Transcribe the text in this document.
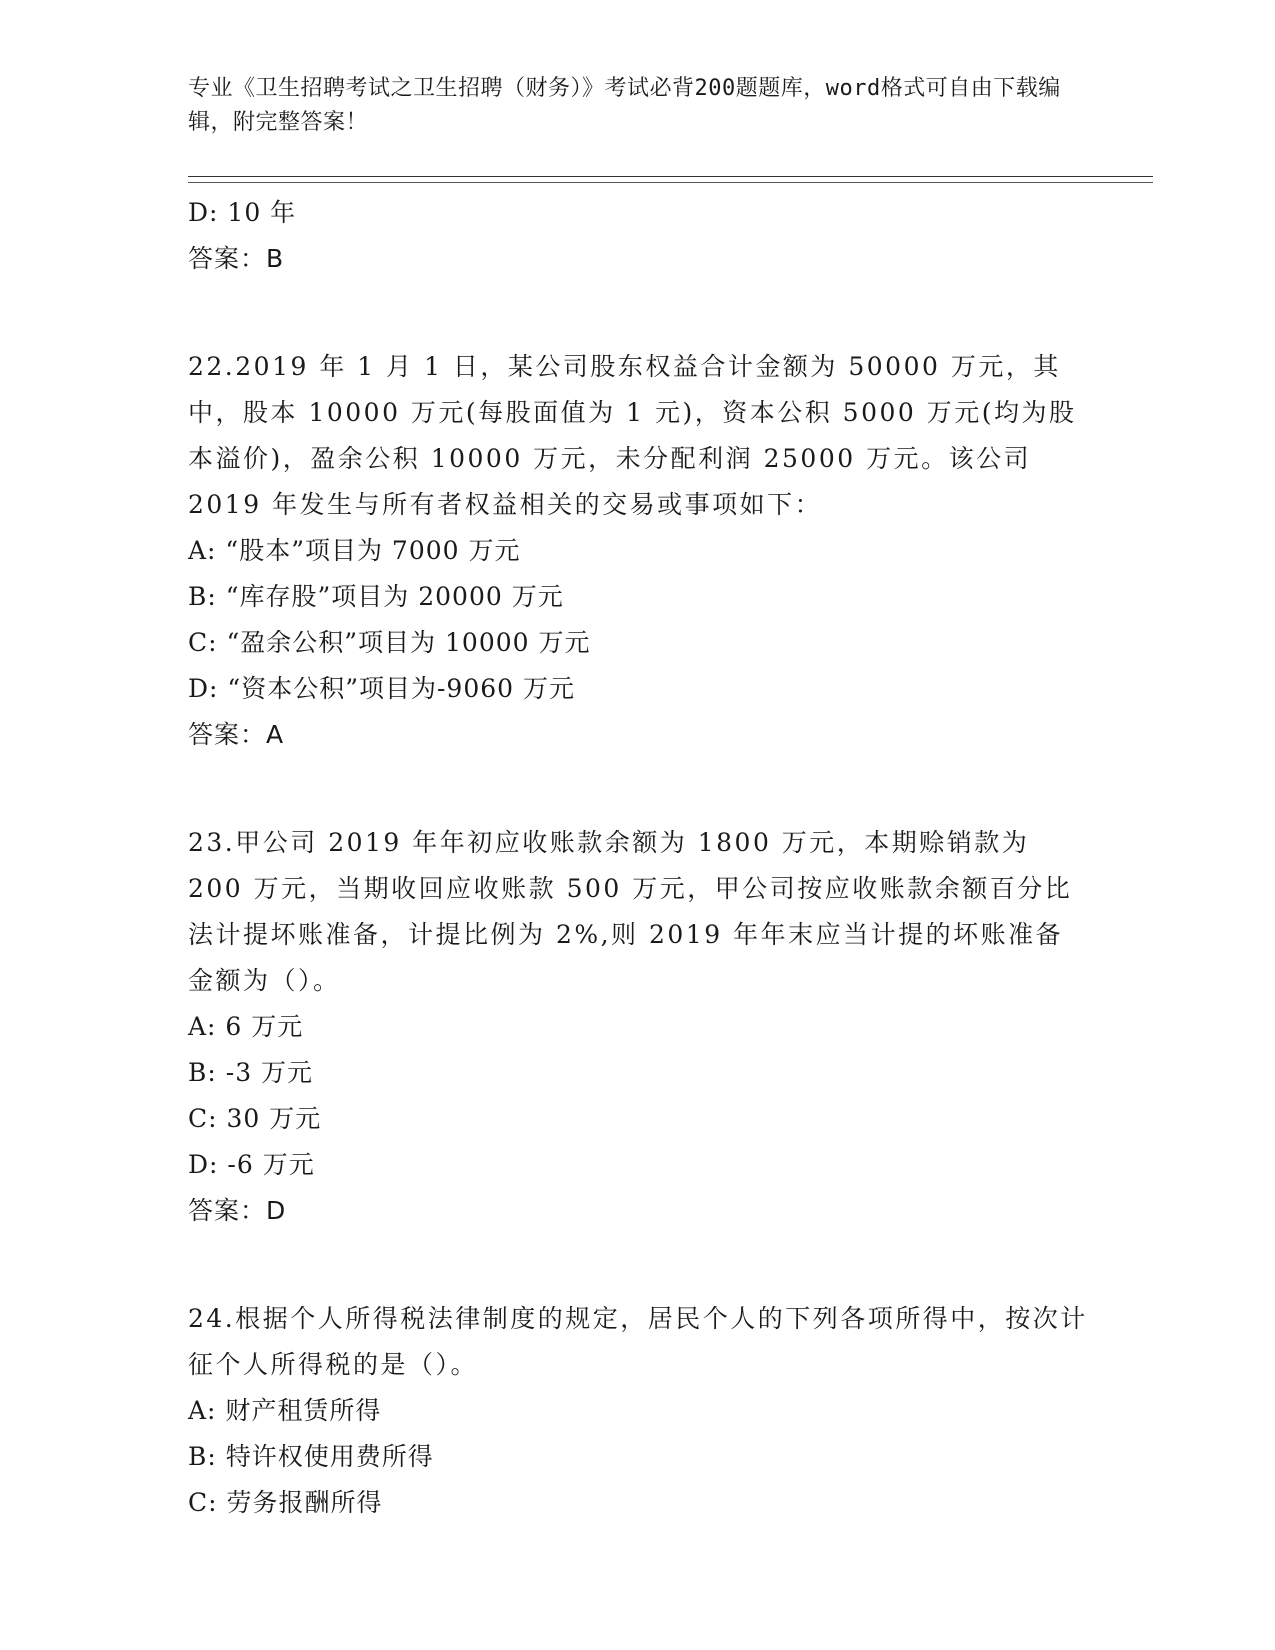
专业《卫生招聘考试之卫生招聘（财务）》考试必背200题题库，word格式可自由下载编辑，附完整答案！
D: 10 年
答案：B
22.2019 年 1 月 1 日，某公司股东权益合计金额为 50000 万元，其中，股本 10000 万元(每股面值为 1 元)，资本公积 5000 万元(均为股本溢价)，盈余公积 10000 万元，未分配利润 25000 万元。该公司 2019 年发生与所有者权益相关的交易或事项如下：
A: “股本”项目为 7000 万元
B: “库存股”项目为 20000 万元
C: “盈余公积”项目为 10000 万元
D: “资本公积”项目为-9060 万元
答案：A
23.甲公司 2019 年年初应收账款余额为 1800 万元，本期赊销款为 200 万元，当期收回应收账款 500 万元，甲公司按应收账款余额百分比法计提坏账准备，计提比例为 2%,则 2019 年年末应当计提的坏账准备金额为（）。
A: 6 万元
B: -3 万元
C: 30 万元
D: -6 万元
答案：D
24.根据个人所得税法律制度的规定，居民个人的下列各项所得中，按次计征个人所得税的是（）。
A: 财产租赁所得
B: 特许权使用费所得
C: 劳务报酬所得
